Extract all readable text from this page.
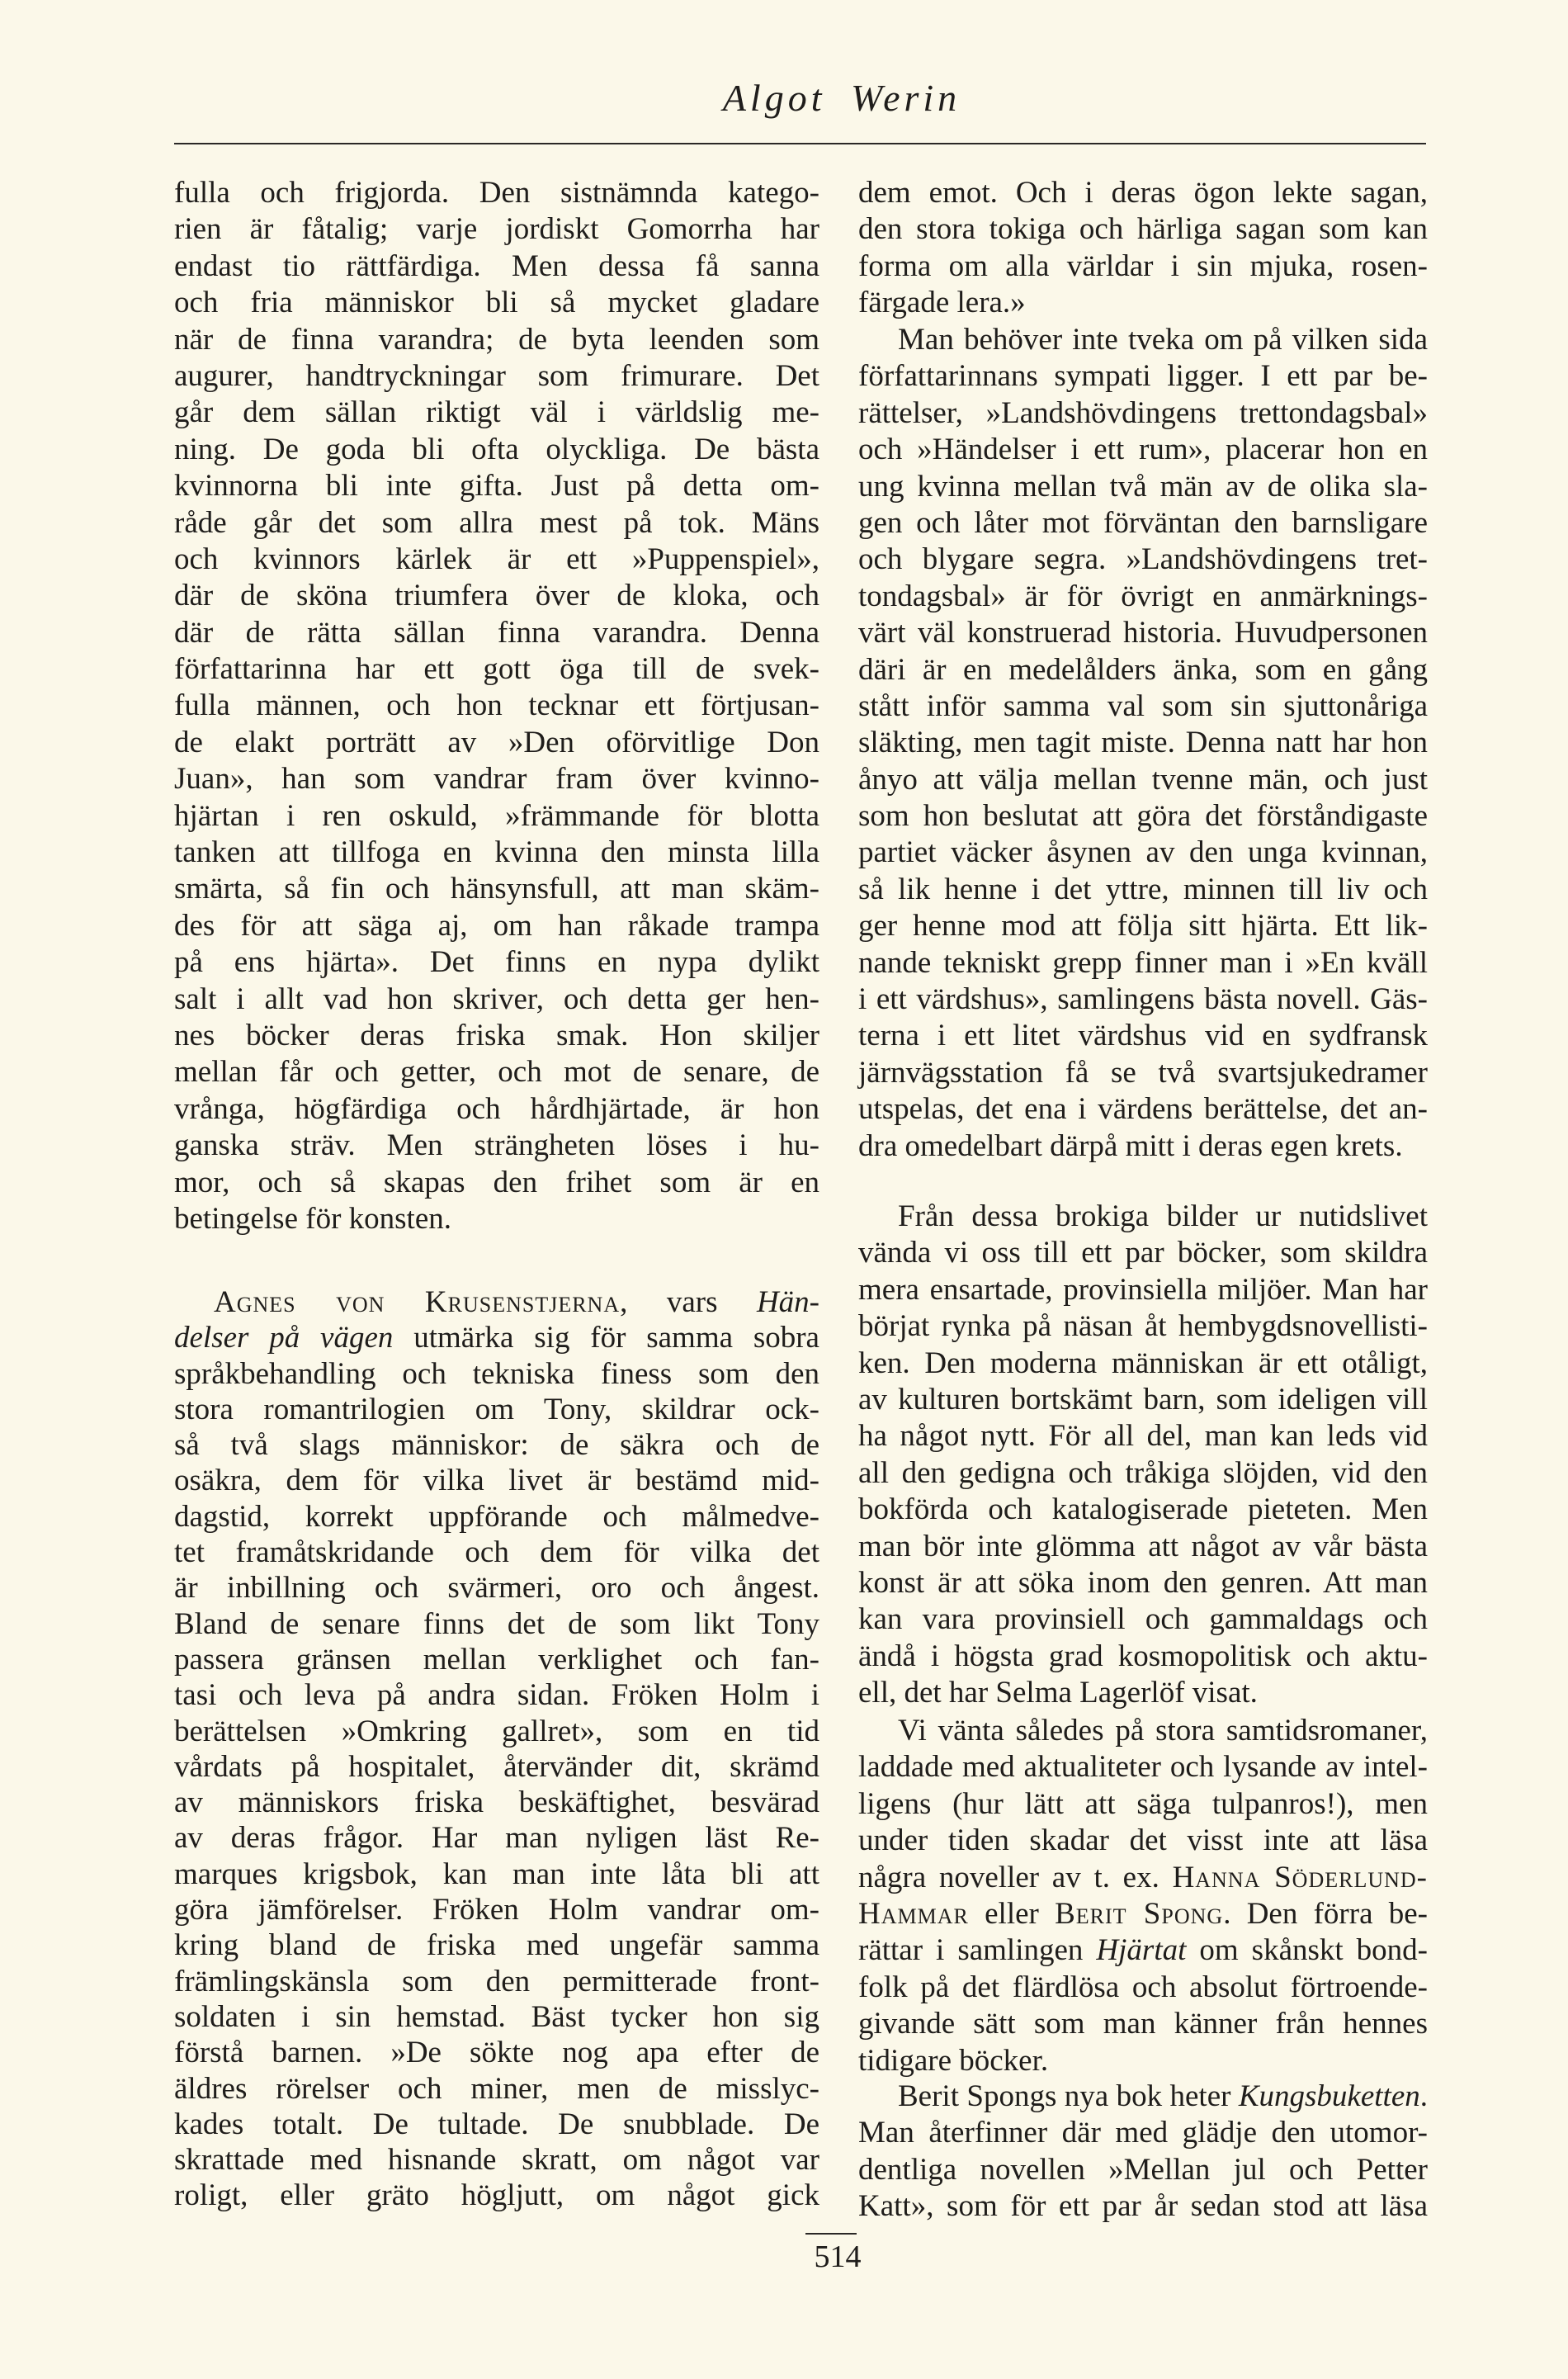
Algot Werin
fulla och frigjorda. Den sistnämnda katego-
rien är fåtalig; varje jordiskt Gomorrha har
endast tio rättfärdiga. Men dessa få sanna
och fria människor bli så mycket gladare
när de finna varandra; de byta leenden som
augurer, handtryckningar som frimurare. Det
går dem sällan riktigt väl i världslig me-
ning. De goda bli ofta olyckliga. De bästa
kvinnorna bli inte gifta. Just på detta om-
råde går det som allra mest på tok. Mäns
och kvinnors kärlek är ett »Puppenspiel»,
där de sköna triumfera över de kloka, och
där de rätta sällan finna varandra. Denna
författarinna har ett gott öga till de svek-
fulla männen, och hon tecknar ett förtjusan-
de elakt porträtt av »Den oförvitlige Don
Juan», han som vandrar fram över kvinno-
hjärtan i ren oskuld, »främmande för blotta
tanken att tillfoga en kvinna den minsta lilla
smärta, så fin och hänsynsfull, att man skäm-
des för att säga aj, om han råkade trampa
på ens hjärta». Det finns en nypa dylikt
salt i allt vad hon skriver, och detta ger hen-
nes böcker deras friska smak. Hon skiljer
mellan får och getter, och mot de senare, de
vrånga, högfärdiga och hårdhjärtade, är hon
ganska sträv. Men strängheten löses i hu-
mor, och så skapas den frihet som är en
betingelse för konsten.
Agnes von Krusenstjerna, vars Hän-
delser på vägen utmärka sig för samma sobra
språkbehandling och tekniska finess som den
stora romantrilogien om Tony, skildrar ock-
så två slags människor: de säkra och de
osäkra, dem för vilka livet är bestämd mid-
dagstid, korrekt uppförande och målmedve-
tet framåtskridande och dem för vilka det
är inbillning och svärmeri, oro och ångest.
Bland de senare finns det de som likt Tony
passera gränsen mellan verklighet och fan-
tasi och leva på andra sidan. Fröken Holm i
berättelsen »Omkring gallret», som en tid
vårdats på hospitalet, återvänder dit, skrämd
av människors friska beskäftighet, besvärad
av deras frågor. Har man nyligen läst Re-
marques krigsbok, kan man inte låta bli att
göra jämförelser. Fröken Holm vandrar om-
kring bland de friska med ungefär samma
främlingskänsla som den permitterade front-
soldaten i sin hemstad. Bäst tycker hon sig
förstå barnen. »De sökte nog apa efter de
äldres rörelser och miner, men de misslyc-
kades totalt. De tultade. De snubblade. De
skrattade med hisnande skratt, om något var
roligt, eller gräto högljutt, om något gick
dem emot. Och i deras ögon lekte sagan,
den stora tokiga och härliga sagan som kan
forma om alla världar i sin mjuka, rosen-
färgade lera.»
Man behöver inte tveka om på vilken sida
författarinnans sympati ligger. I ett par be-
rättelser, »Landshövdingens trettondagsbal»
och »Händelser i ett rum», placerar hon en
ung kvinna mellan två män av de olika sla-
gen och låter mot förväntan den barnsligare
och blygare segra. »Landshövdingens tret-
tondagsbal» är för övrigt en anmärknings-
värt väl konstruerad historia. Huvudpersonen
däri är en medelålders änka, som en gång
stått inför samma val som sin sjuttonåriga
släkting, men tagit miste. Denna natt har hon
ånyo att välja mellan tvenne män, och just
som hon beslutat att göra det förståndigaste
partiet väcker åsynen av den unga kvinnan,
så lik henne i det yttre, minnen till liv och
ger henne mod att följa sitt hjärta. Ett lik-
nande tekniskt grepp finner man i »En kväll
i ett värdshus», samlingens bästa novell. Gäs-
terna i ett litet värdshus vid en sydfransk
järnvägsstation få se två svartsjukedramer
utspelas, det ena i värdens berättelse, det an-
dra omedelbart därpå mitt i deras egen krets.
Från dessa brokiga bilder ur nutidslivet
vända vi oss till ett par böcker, som skildra
mera ensartade, provinsiella miljöer. Man har
börjat rynka på näsan åt hembygdsnovellisti-
ken. Den moderna människan är ett otåligt,
av kulturen bortskämt barn, som ideligen vill
ha något nytt. För all del, man kan leds vid
all den gedigna och tråkiga slöjden, vid den
bokförda och katalogiserade pieteten. Men
man bör inte glömma att något av vår bästa
konst är att söka inom den genren. Att man
kan vara provinsiell och gammaldags och
ändå i högsta grad kosmopolitisk och aktu-
ell, det har Selma Lagerlöf visat.
Vi vänta således på stora samtidsromaner,
laddade med aktualiteter och lysande av intel-
ligens (hur lätt att säga tulpanros!), men
under tiden skadar det visst inte att läsa
några noveller av t. ex. Hanna Söderlund-
Hammar eller Berit Spong. Den förra be-
rättar i samlingen Hjärtat om skånskt bond-
folk på det flärdlösa och absolut förtroende-
givande sätt som man känner från hennes
tidigare böcker.
Berit Spongs nya bok heter Kungsbuketten.
Man återfinner där med glädje den utomor-
dentliga novellen »Mellan jul och Petter
Katt», som för ett par år sedan stod att läsa
514
